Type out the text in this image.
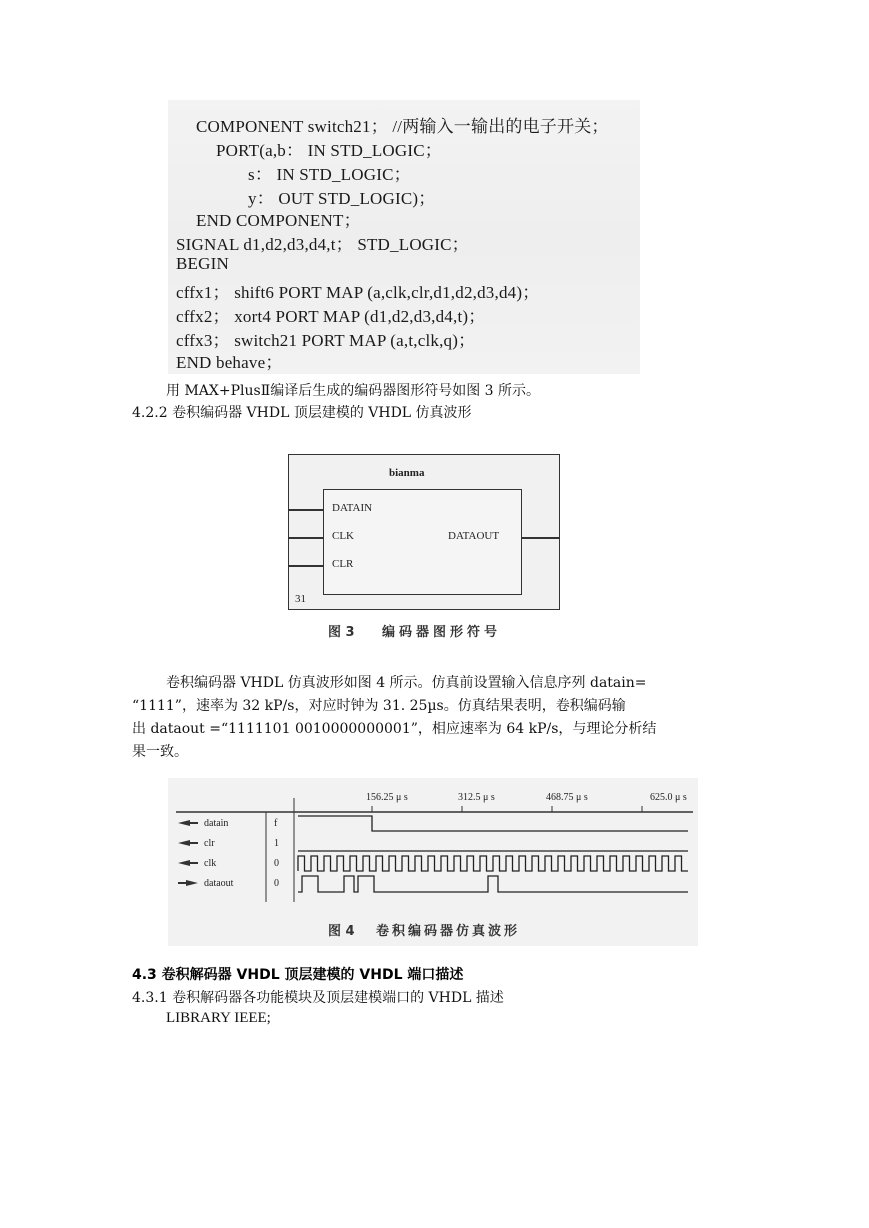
COMPONENT switch21； //两输入一输出的电子开关；
PORT(a,b： IN STD_LOGIC；
s： IN STD_LOGIC；
y： OUT STD_LOGIC)；
END COMPONENT；
SIGNAL d1,d2,d3,d4,t； STD_LOGIC；
BEGIN
cffx1； shift6 PORT MAP (a,clk,clr,d1,d2,d3,d4)；
cffx2； xort4 PORT MAP (d1,d2,d3,d4,t)；
cffx3； switch21 PORT MAP (a,t,clk,q)；
END behave；
用 MAX+PlusⅡ编译后生成的编码器图形符号如图 3 所示。
4.2.2 卷积编码器 VHDL 顶层建模的 VHDL 仿真波形
bianma
DATAIN
CLK
CLR
DATAOUT
31
图 3 编码器图形符号
卷积编码器 VHDL 仿真波形如图 4 所示。仿真前设置输入信息序列 datain=
“1111”，速率为 32 kP/s，对应时钟为 31. 25µs。仿真结果表明，卷积编码输
出 dataout =“1111101 0010000000001”，相应速率为 64 kP/s，与理论分析结
果一致。
156.25 μ s	312.5 μ s	468.75 μ s	625.0 μ s
datain
clr
clk
dataout
f
1
0
0
图 4 卷积编码器仿真波形
4.3 卷积解码器 VHDL 顶层建模的 VHDL 端口描述
4.3.1 卷积解码器各功能模块及顶层建模端口的 VHDL 描述
LIBRARY IEEE;
